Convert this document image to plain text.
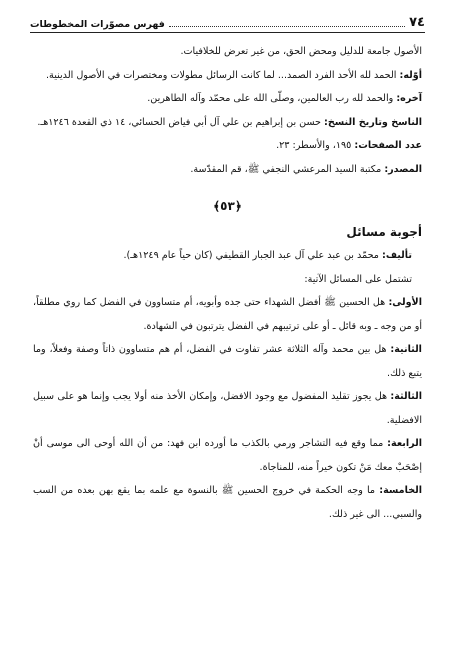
٧٤
فهرس مصوّرات المخطوطات

الأصول جامعة للدليل ومحض الحق، من غير تعرض للخلافيات.

أوّله: الحمد لله الأحد الفرد الصمد... لما كانت الرسائل مطولات ومختصرات في الأصول الدينية.

آخره: والحمد لله رب العالمين، وصلّى الله على محمّد وآله الطاهرين.

الناسخ وتاريخ النسخ: حسن بن إبراهيم بن علي آل أبي فياض الحسائي، ١٤ ذي القعدة ١٢٤٦هـ.

عدد الصفحات: ١٩٥، والأسطر: ٢٣.

المصدر: مكتبة السيد المرعشي النجفي ﷺ، قم المقدّسة.

﴿٥٣﴾

أجوبة مسائل

تأليف: محمّد بن عبد علي آل عبد الجبار القطيفي (كان حياً عام ١٢٤٩هـ).

تشتمل على المسائل الآتية:

الأولى: هل الحسين ﷺ أفضل الشهداء حتى جده وأبويه، أم متساوون في الفضل كما روي مطلقاً، أو من وجه ـ وبه قائل ـ أو على ترتيبهم في الفضل يترتبون في الشهادة.

الثانية: هل بين محمد وآله الثلاثة عشر تفاوت في الفضل، أم هم متساوون ذاتاً وصفة وفعلاً، وما يتبع ذلك.

الثالثة: هل يجوز تقليد المفضول مع وجود الافضل، وإمكان الأخذ منه أولا يجب وإنما هو على سبيل الافضلية.

الرابعة: مما وقع فيه التشاجر ورمي بالكذب ما أورده ابن فهد: من أن الله أوحى الى موسى أنْ إصْحَبْ معك مَنْ تكون خيراً منه، للمناجاة.

الخامسة: ما وجه الحكمة في خروج الحسين ﷺ بالنسوة مع علمه بما يقع بهن بعده من السب والسبي... الى غير ذلك.
